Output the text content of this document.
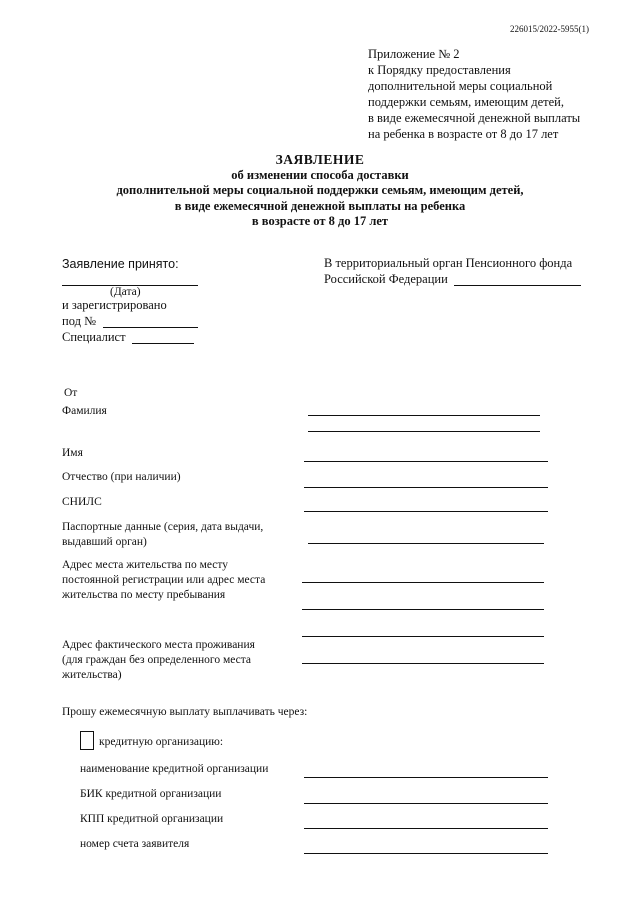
226015/2022-5955(1)
Приложение № 2
к Порядку предоставления
дополнительной меры социальной
поддержки семьям, имеющим детей,
в виде ежемесячной денежной выплаты
на ребенка в возрасте от 8 до 17 лет
ЗАЯВЛЕНИЕ
об изменении способа доставки
дополнительной меры социальной поддержки семьям, имеющим детей,
в виде ежемесячной денежной выплаты на ребенка
в возрасте от 8 до 17 лет
Заявление принято:
(Дата)
и зарегистрировано
под №
Специалист
В территориальный орган Пенсионного фонда
Российской Федерации
От
Фамилия
Имя
Отчество (при наличии)
СНИЛС
Паспортные данные (серия, дата выдачи,
выдавший орган)
Адрес места жительства по месту
постоянной регистрации или адрес места
жительства по месту пребывания
Адрес фактического места проживания
(для граждан без определенного места
жительства)
Прошу ежемесячную выплату выплачивать через:
кредитную организацию:
наименование кредитной организации
БИК кредитной организации
КПП кредитной организации
номер счета заявителя
